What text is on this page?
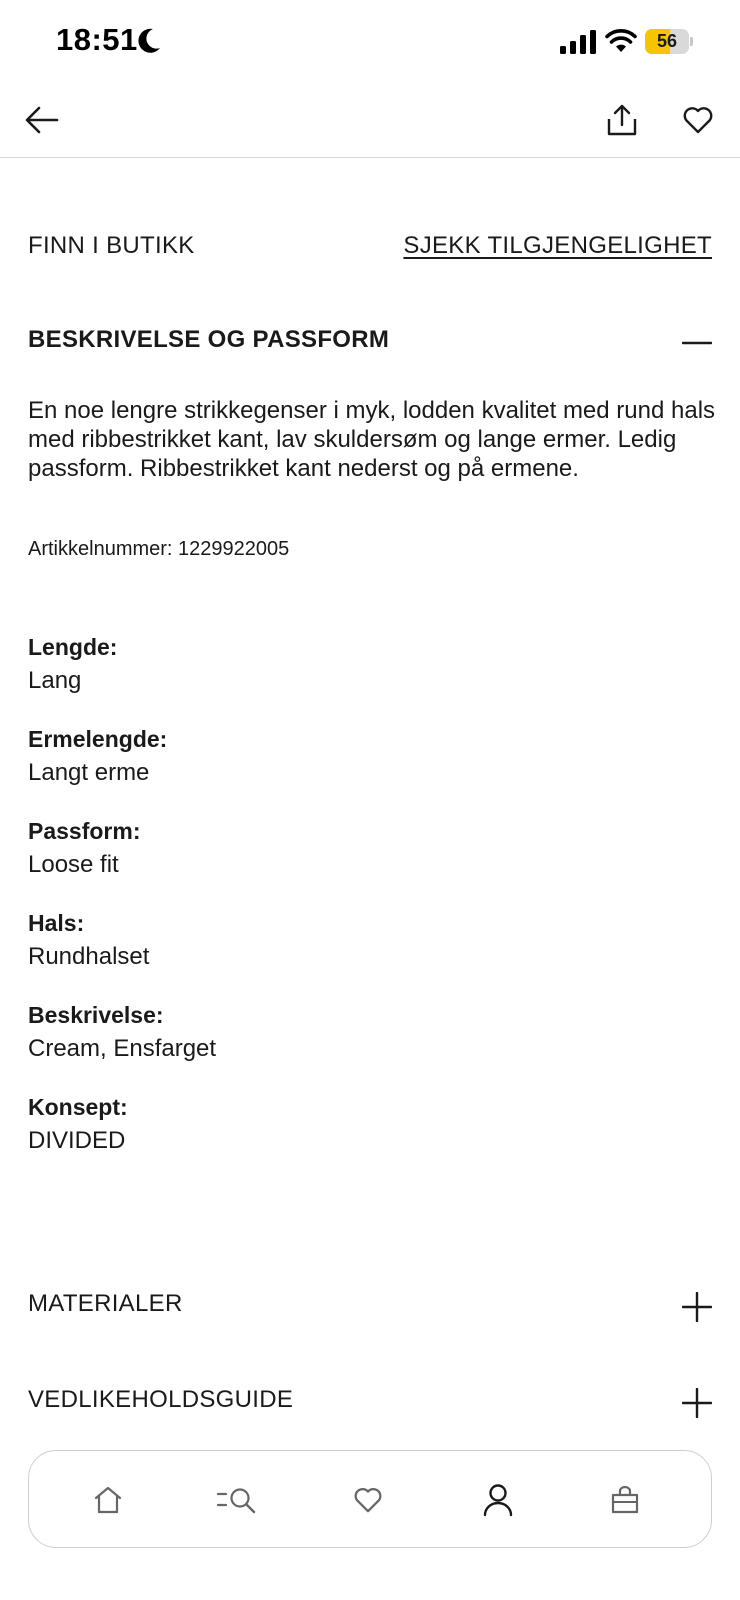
18:51	56
FINN I BUTIKK	SJEKK TILGJENGELIGHET
BESKRIVELSE OG PASSFORM

En noe lengre strikkegenser i myk, lodden kvalitet med rund hals med ribbestrikket kant, lav skuldersøm og lange ermer. Ledig passform. Ribbestrikket kant nederst og på ermene.

Artikkelnummer: 1229922005

Lengde:
Lang
Ermelengde:
Langt erme
Passform:
Loose fit
Hals:
Rundhalset
Beskrivelse:
Cream, Ensfarget
Konsept:
DIVIDED
MATERIALER
VEDLIKEHOLDSGUIDE
